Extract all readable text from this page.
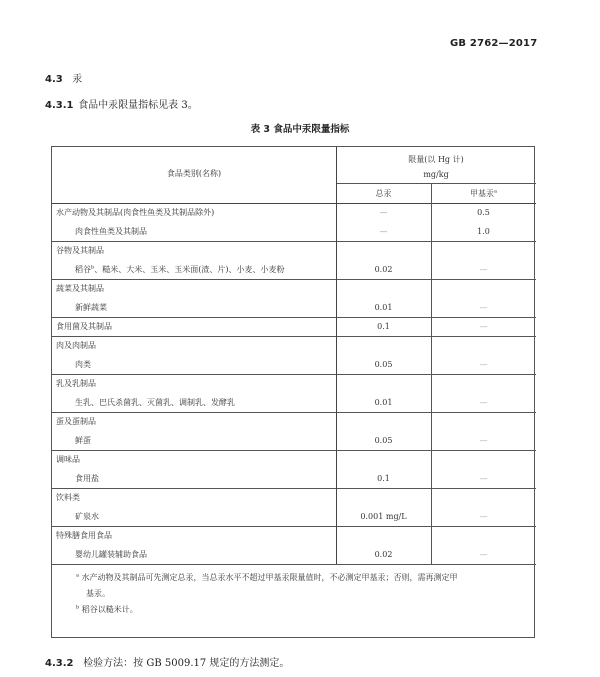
GB 2762—2017
4.3 汞
4.3.1 食品中汞限量指标见表 3。
表 3 食品中汞限量指标
食品类别(名称)
限量(以 Hg 计)
mg/kg
总汞	甲基汞$^a$
水产动物及其制品(肉食性鱼类及其制品除外)	—	0.5
肉食性鱼类及其制品	—	1.0
谷物及其制品
稻谷$^b$、糙米、大米、玉米、玉米面(渣、片)、小麦、小麦粉	0.02	—
蔬菜及其制品
新鲜蔬菜	0.01	—
食用菌及其制品	0.1	—
肉及肉制品
肉类	0.05	—
乳及乳制品
生乳、巴氏杀菌乳、灭菌乳、调制乳、发酵乳	0.01	—
蛋及蛋制品
鲜蛋	0.05	—
调味品
食用盐	0.1	—
饮料类
矿泉水	0.001 mg/L	—
特殊膳食用食品
婴幼儿罐装辅助食品	0.02	—
$^a$ 水产动物及其制品可先测定总汞，当总汞水平不超过甲基汞限量值时，不必测定甲基汞；否则，需再测定甲
基汞。
$^b$ 稻谷以糙米计。
4.3.2 检验方法：按 GB 5009.17 规定的方法测定。
